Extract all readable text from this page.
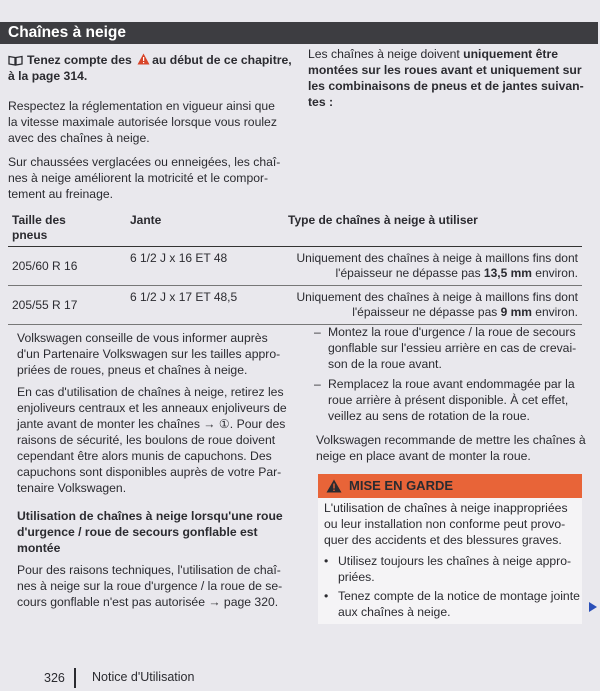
Chaînes à neige
Tenez compte des au début de ce chapitre,
à la page 314.
Respectez la réglementation en vigueur ainsi que
la vitesse maximale autorisée lorsque vous roulez
avec des chaînes à neige.
Sur chaussées verglacées ou enneigées, les chaî-
nes à neige améliorent la motricité et le compor-
tement au freinage.
Les chaînes à neige doivent uniquement être
montées sur les roues avant et uniquement sur
les combinaisons de pneus et de jantes suivan-
tes :
Taille des
pneus	Jante	Type de chaînes à neige à utiliser
205/60 R 16	6 1/2 J x 16 ET 48	Uniquement des chaînes à neige à maillons fins dont
l'épaisseur ne dépasse pas 13,5 mm environ.

205/55 R 17	6 1/2 J x 17 ET 48,5	Uniquement des chaînes à neige à maillons fins dont
l'épaisseur ne dépasse pas 9 mm environ.
Volkswagen conseille de vous informer auprès
d'un Partenaire Volkswagen sur les tailles appro-
priées de roues, pneus et chaînes à neige.
En cas d'utilisation de chaînes à neige, retirez les
enjoliveurs centraux et les anneaux enjoliveurs de
jante avant de monter les chaînes → ①. Pour des
raisons de sécurité, les boulons de roue doivent
cependant être alors munis de capuchons. Des
capuchons sont disponibles auprès de votre Par-
tenaire Volkswagen.
Utilisation de chaînes à neige lorsqu'une roue
d'urgence / roue de secours gonflable est
montée
Pour des raisons techniques, l'utilisation de chaî-
nes à neige sur la roue d'urgence / la roue de se-
cours gonflable n'est pas autorisée → page 320.
– Montez la roue d'urgence / la roue de secours
gonflable sur l'essieu arrière en cas de crevai-
son de la roue avant.
– Remplacez la roue avant endommagée par la
roue arrière à présent disponible. À cet effet,
veillez au sens de rotation de la roue.
Volkswagen recommande de mettre les chaînes à
neige en place avant de monter la roue.
MISE EN GARDE
L'utilisation de chaînes à neige inappropriées
ou leur installation non conforme peut provo-
quer des accidents et des blessures graves.
• Utilisez toujours les chaînes à neige appro-
priées.
• Tenez compte de la notice de montage jointe
aux chaînes à neige.
326 Notice d'Utilisation
